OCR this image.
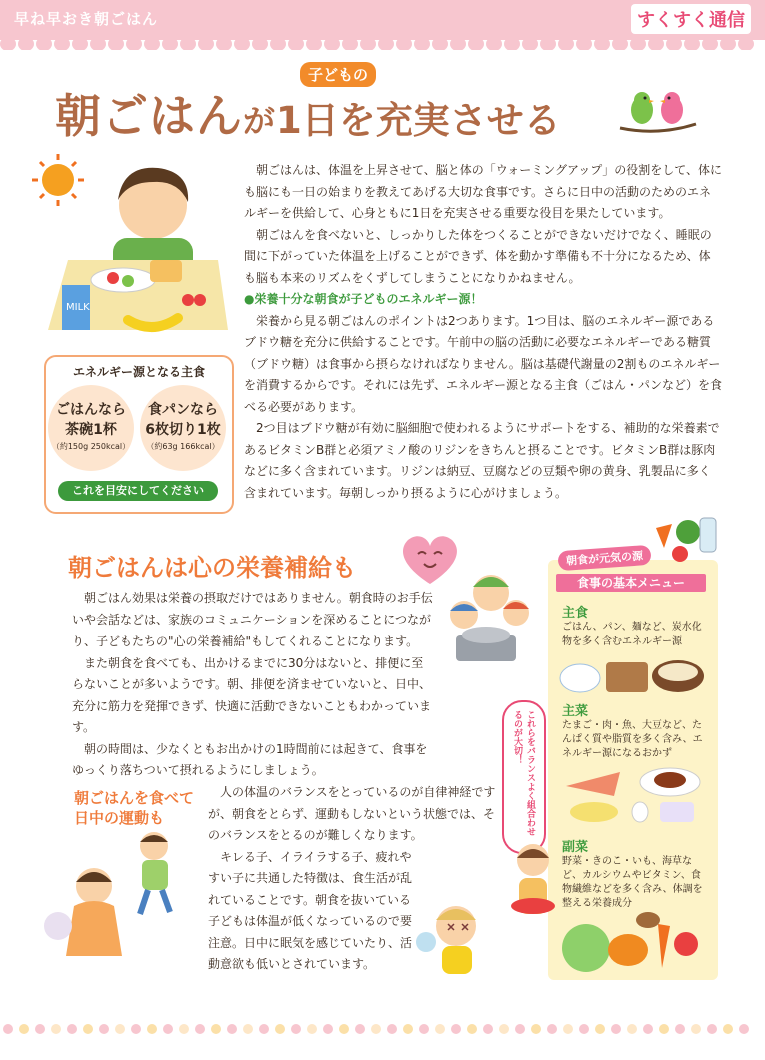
早ね早おき朝ごはん	すくすく通信
朝ごはんが
子どもの
1日を充実させる
MILK
朝ごはんは、体温を上昇させて、脳と体の「ウォーミングアップ」の役割をして、体にも脳にも一日の始まりを教えてあげる大切な食事です。さらに日中の活動のためのエネルギーを供給して、心身ともに1日を充実させる重要な役目を果たしています。
朝ごはんを食べないと、しっかりした体をつくることができないだけでなく、睡眠の間に下がっていた体温を上げることができず、体を動かす準備も不十分になるため、体も脳も本来のリズムをくずしてしまうことになりかねません。
●栄養十分な朝食が子どものエネルギー源！
栄養から見る朝ごはんのポイントは2つあります。1つ目は、脳のエネルギー源であるブドウ糖を充分に供給することです。午前中の脳の活動に必要なエネルギーである糖質（ブドウ糖）は食事から摂らなければなりません。脳は基礎代謝量の2割ものエネルギーを消費するからです。それには先ず、エネルギー源となる主食（ごはん・パンなど）を食べる必要があります。
2つ目はブドウ糖が有効に脳細胞で使われるようにサポートをする、補助的な栄養素であるビタミンB群と必須アミノ酸のリジンをきちんと摂ることです。ビタミンB群は豚肉などに多く含まれています。リジンは納豆、豆腐などの豆類や卵の黄身、乳製品に多く含まれています。毎朝しっかり摂るように心がけましょう。
エネルギー源となる主食
ごはんなら
茶碗1杯
（約150g 250kcal）
食パンなら
6枚切り1枚
（約63g 166kcal）
これを目安にしてください
朝ごはんは心の栄養補給も
朝ごはん効果は栄養の摂取だけではありません。朝食時のお手伝いや会話などは、家族のコミュニケーションを深めることにつながり、子どもたちの"心の栄養補給"もしてくれることになります。
また朝食を食べても、出かけるまでに30分はないと、排便に至らないことが多いようです。朝、排便を済ませていないと、日中、充分に筋力を発揮できず、快適に活動できないこともわかっています。
朝の時間は、少なくともお出かけの1時間前には起きて、食事をゆっくり落ちついて摂れるようにしましょう。
朝ごはんを食べて
日中の運動も
人の体温のバランスをとっているのが自律神経ですが、朝食をとらず、運動もしないという状態では、そのバランスをとるのが難しくなります。
キレる子、イライラする子、疲れやすい子に共通した特徴は、食生活が乱れていることです。朝食を抜いている子どもは体温が低くなっているので要注意。日中に眠気を感じていたり、活動意欲も低いとされています。
これらをバランスよく組合わせるのが大切！
朝食が元気の源
食事の基本メニュー
主食
ごはん、パン、麺など、炭水化物を多く含むエネルギー源
主菜
たまご・肉・魚、大豆など、たんぱく質や脂質を多く含み、エネルギー源になるおかず
副菜
野菜・きのこ・いも、海草など、カルシウムやビタミン、食物繊維などを多く含み、体調を整える栄養成分
